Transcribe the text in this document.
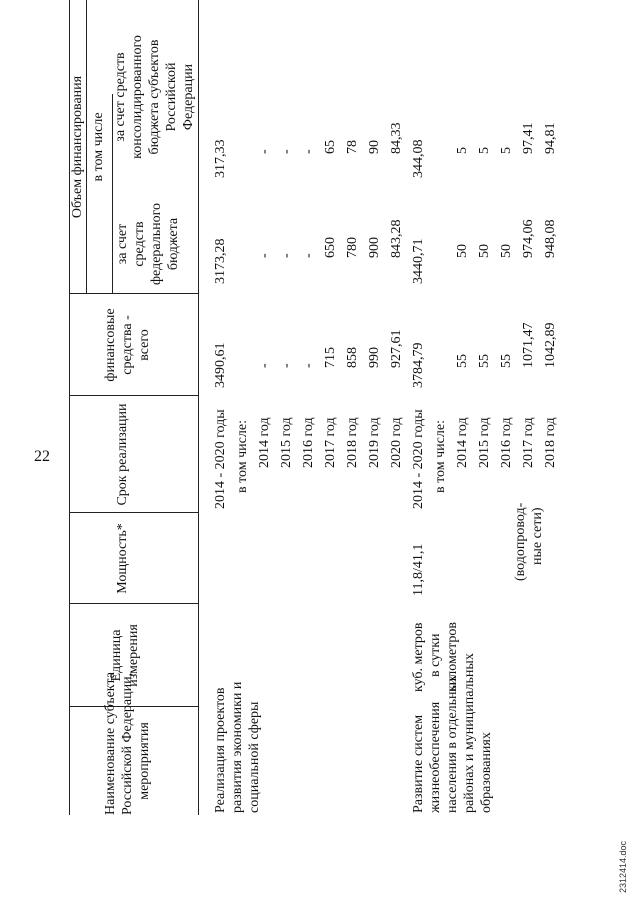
22
Наименование субъекта Российской Федерации, мероприятия
Единица измерения
Мощность*
Срок реализации
финансовые средства - всего
Объем финансирования в том числе
за счет средств федерального бюджета
за счет средств консолидированного бюджета субъектов Российской Федерации
Реализация проектов развития экономики и социальной сферы
2014 - 2020 годы
3490,61
3173,28
317,33
в том числе: 2014 год
-
-
-
2015 год
-
-
-
2016 год
-
-
-
2017 год
715
650
65
2018 год
858
780
78
2019 год
990
900
90
2020 год
927,61
843,28
84,33
Развитие систем жизнеобеспечения населения в отдельных районах и муниципальных образованиях
куб. метров в сутки километров
11,8/41,1	(водопровод- ные сети)
2014 - 2020 годы
3784,79
3440,71
344,08
в том числе: 2014 год
55
50
5
2015 год
55
50
5
2016 год
55
50
5
2017 год
1071,47
974,06
97,41
2018 год
1042,89
948,08
94,81
2312414.doc
